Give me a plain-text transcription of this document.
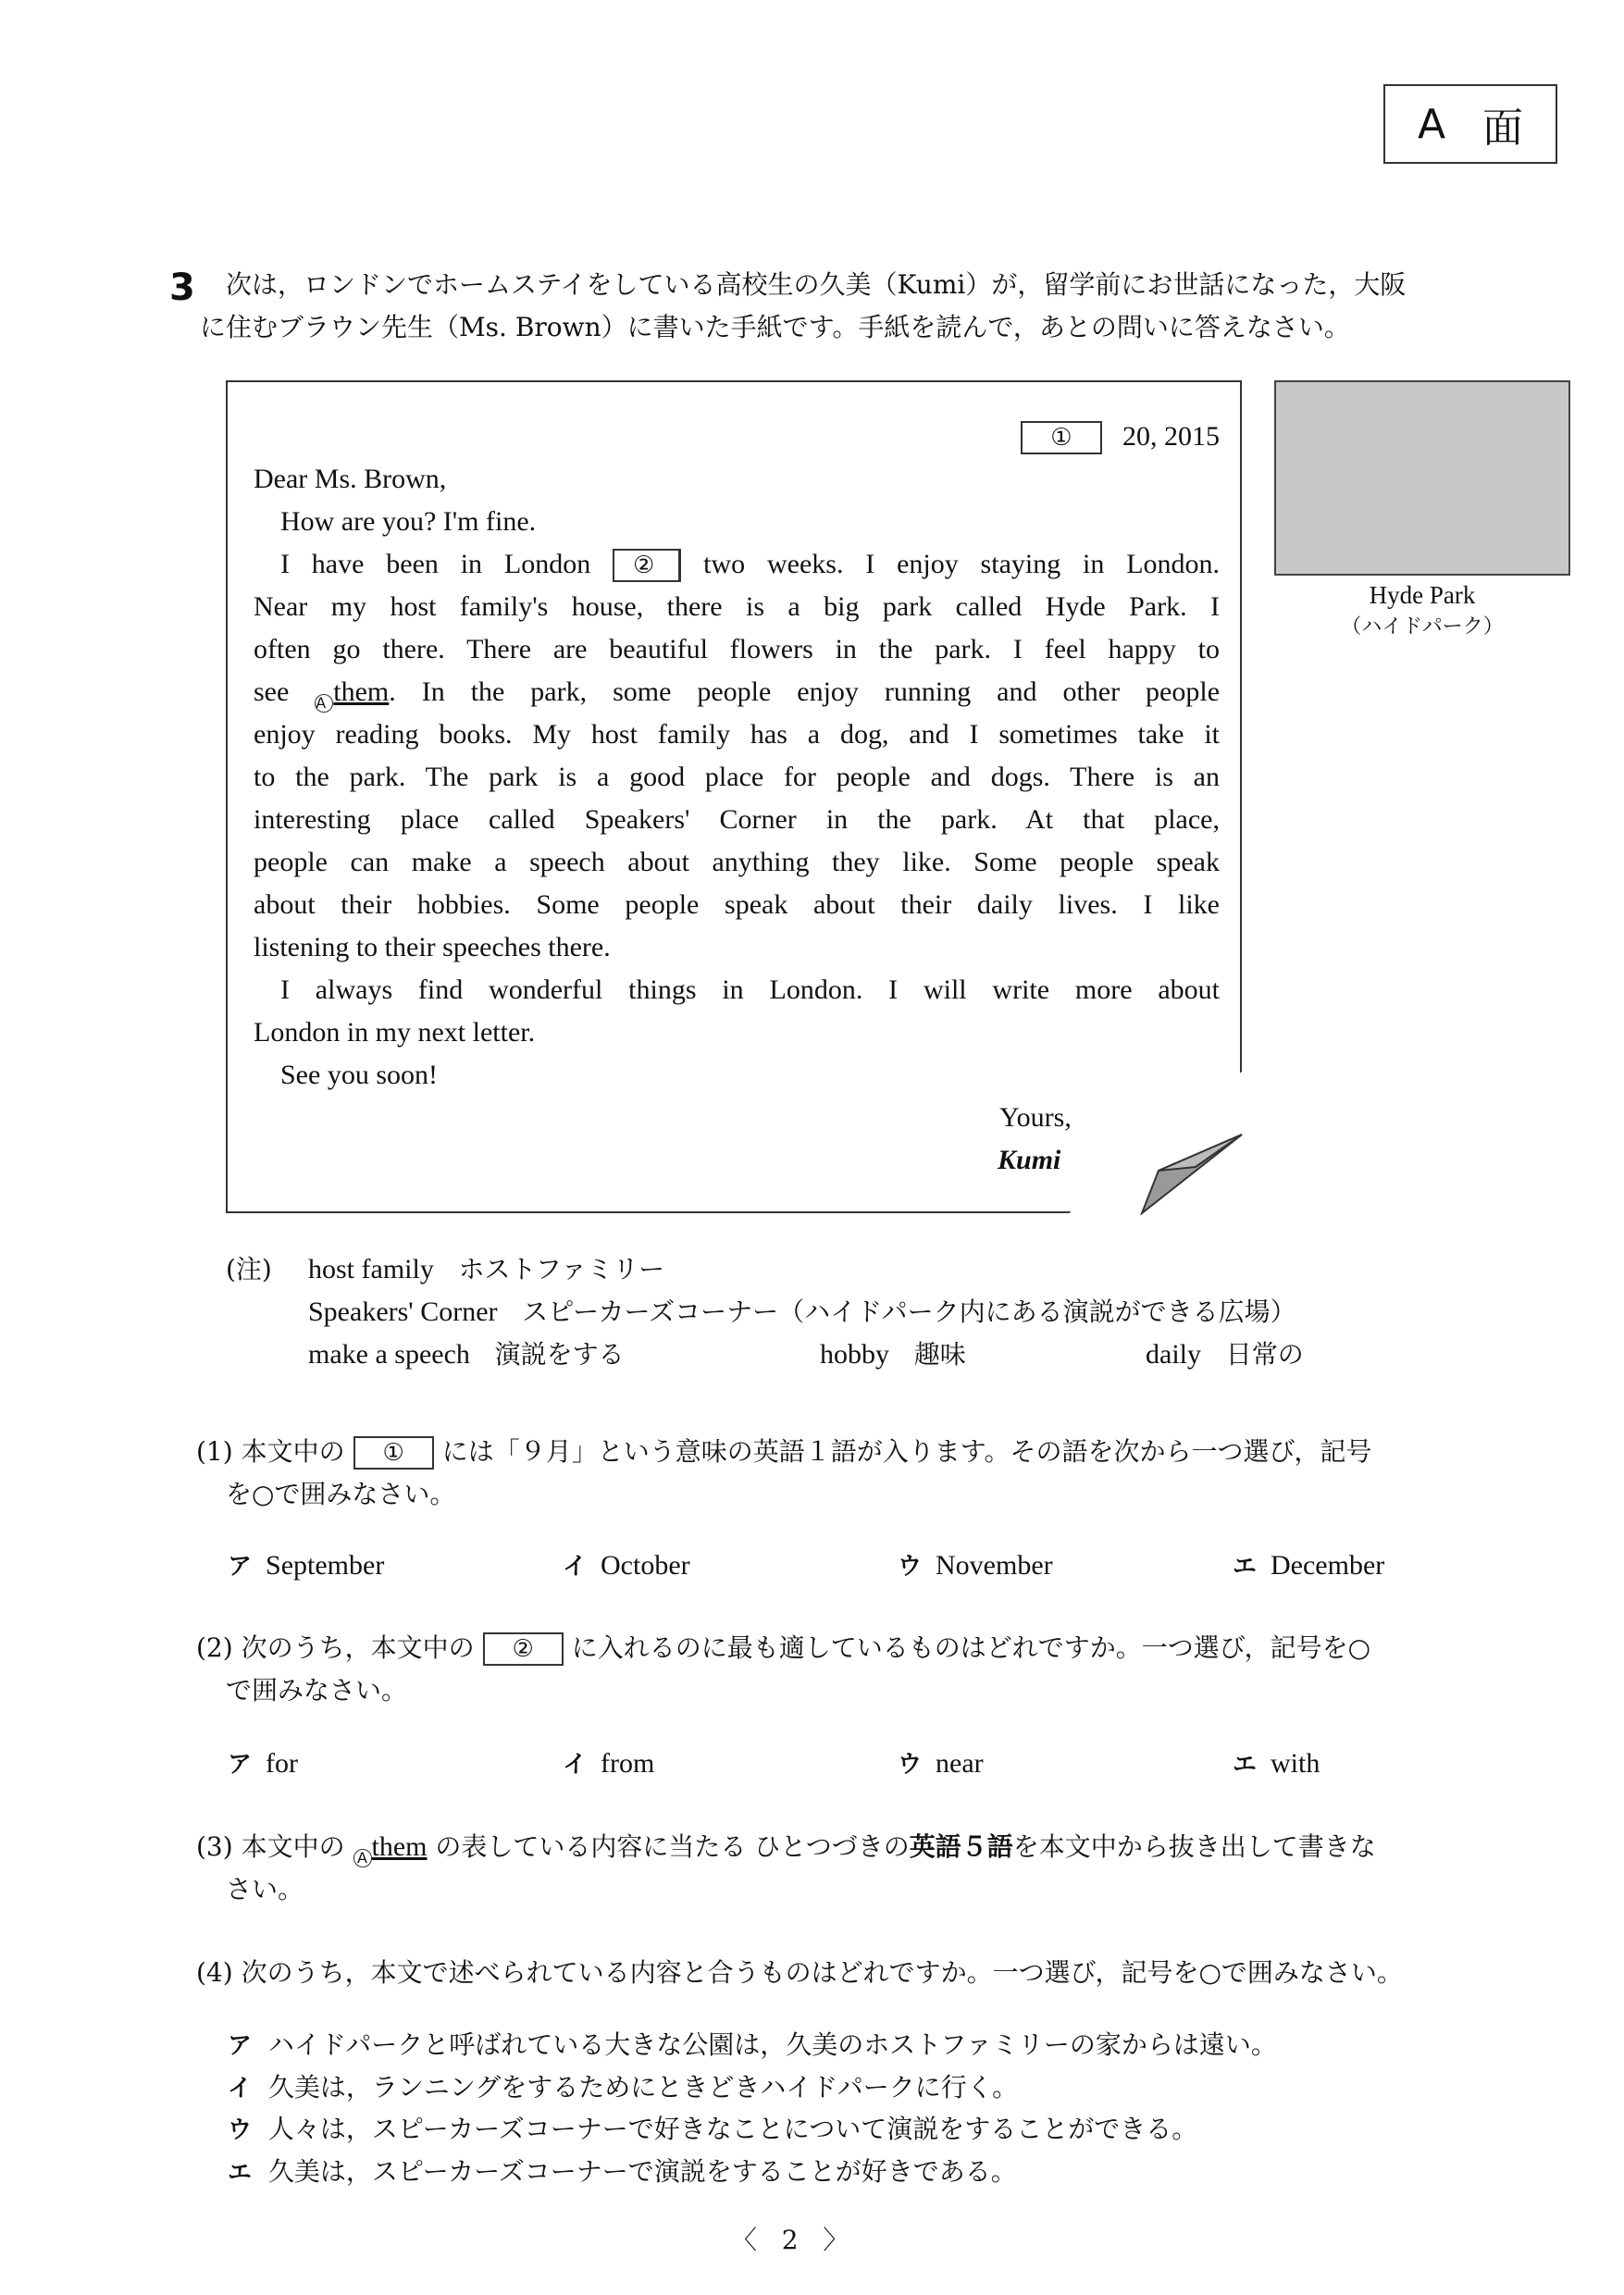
A 面
3 次は，ロンドンでホームステイをしている高校生の久美（Kumi）が，留学前にお世話になった，大阪
に住むブラウン先生（Ms. Brown）に書いた手紙です。手紙を読んで，あとの問いに答えなさい。
① 20, 2015
Dear Ms. Brown,
How are you? I'm fine.
I have been in London ② two weeks. I enjoy staying in London.
Near my host family's house, there is a big park called Hyde Park. I
often go there. There are beautiful flowers in the park. I feel happy to
see A them. In the park, some people enjoy running and other people
enjoy reading books. My host family has a dog, and I sometimes take it
to the park. The park is a good place for people and dogs. There is an
interesting place called Speakers' Corner in the park. At that place,
people can make a speech about anything they like. Some people speak
about their hobbies. Some people speak about their daily lives. I like
listening to their speeches there.
I always find wonderful things in London. I will write more about
London in my next letter.
See you soon!
Yours,
Kumi
Hyde Park
（ハイドパーク）
(注) host family ホストファミリー
Speakers' Corner スピーカーズコーナー（ハイドパーク内にある演説ができる広場）
make a speech 演説をする	hobby 趣味	daily 日常の
(1) 本文中の ① には「９月」という意味の英語１語が入ります。その語を次から一つ選び，記号
を○で囲みなさい。
ア September	イ October	ウ November	エ December
(2) 次のうち，本文中の ② に入れるのに最も適しているものはどれですか。一つ選び，記号を○
で囲みなさい。
ア for	イ from	ウ near	エ with
(3) 本文中の A them の表している内容に当たる ひとつづきの英語５語を本文中から抜き出して書きな
さい。
(4) 次のうち，本文で述べられている内容と合うものはどれですか。一つ選び，記号を○で囲みなさい。
ア ハイドパークと呼ばれている大きな公園は，久美のホストファミリーの家からは遠い。
イ 久美は，ランニングをするためにときどきハイドパークに行く。
ウ 人々は，スピーカーズコーナーで好きなことについて演説をすることができる。
エ 久美は，スピーカーズコーナーで演説をすることが好きである。
〈 2 〉
